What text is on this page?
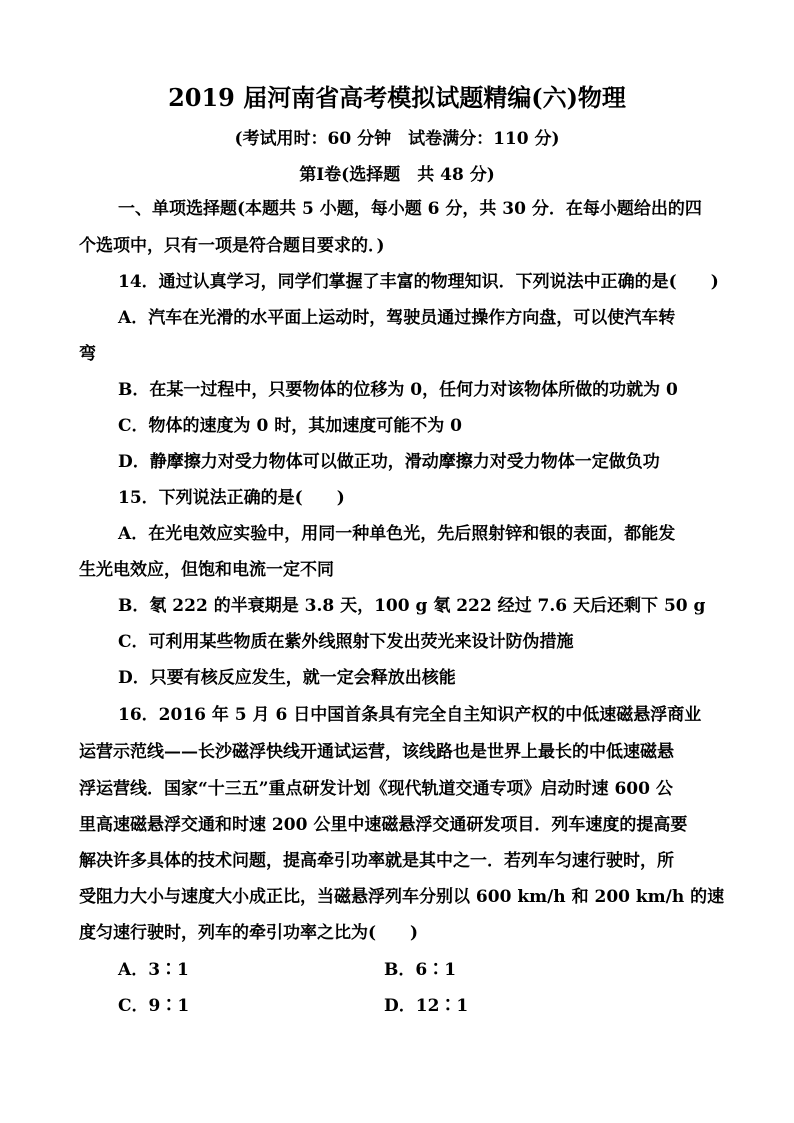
2019 届河南省高考模拟试题精编(六)物理
(考试用时：60 分钟　试卷满分：110 分)
第Ⅰ卷(选择题　共 48 分)
一、单项选择题(本题共 5 小题，每小题 6 分，共 30 分．在每小题给出的四
个选项中，只有一项是符合题目要求的．)
14．通过认真学习，同学们掌握了丰富的物理知识．下列说法中正确的是(　　)
A．汽车在光滑的水平面上运动时，驾驶员通过操作方向盘，可以使汽车转
弯
B．在某一过程中，只要物体的位移为 0，任何力对该物体所做的功就为 0
C．物体的速度为 0 时，其加速度可能不为 0
D．静摩擦力对受力物体可以做正功，滑动摩擦力对受力物体一定做负功
15．下列说法正确的是(　　)
A．在光电效应实验中，用同一种单色光，先后照射锌和银的表面，都能发
生光电效应，但饱和电流一定不同
B．氡 222 的半衰期是 3.8 天，100 g 氡 222 经过 7.6 天后还剩下 50 g
C．可利用某些物质在紫外线照射下发出荧光来设计防伪措施
D．只要有核反应发生，就一定会释放出核能
16．2016 年 5 月 6 日中国首条具有完全自主知识产权的中低速磁悬浮商业
运营示范线——长沙磁浮快线开通试运营，该线路也是世界上最长的中低速磁悬
浮运营线．国家“十三五”重点研发计划《现代轨道交通专项》启动时速 600 公
里高速磁悬浮交通和时速 200 公里中速磁悬浮交通研发项目．列车速度的提高要
解决许多具体的技术问题，提高牵引功率就是其中之一．若列车匀速行驶时，所
受阻力大小与速度大小成正比，当磁悬浮列车分别以 600 km/h 和 200 km/h 的速
度匀速行驶时，列车的牵引功率之比为(　　)
A．3∶1	B．6∶1
C．9∶1	D．12∶1
